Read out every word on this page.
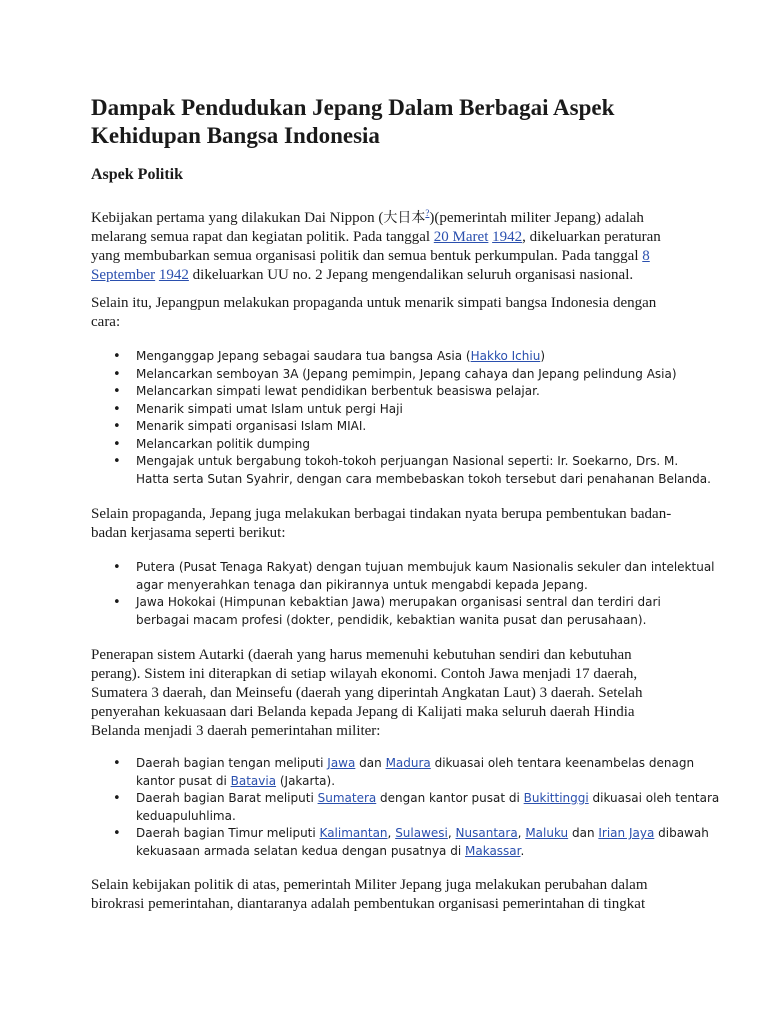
Dampak Pendudukan Jepang Dalam Berbagai Aspek
Kehidupan Bangsa Indonesia
Aspek Politik
Kebijakan pertama yang dilakukan Dai Nippon (大日本?)(pemerintah militer Jepang) adalah
melarang semua rapat dan kegiatan politik. Pada tanggal 20 Maret 1942, dikeluarkan peraturan
yang membubarkan semua organisasi politik dan semua bentuk perkumpulan. Pada tanggal 8
September 1942 dikeluarkan UU no. 2 Jepang mengendalikan seluruh organisasi nasional.
Selain itu, Jepangpun melakukan propaganda untuk menarik simpati bangsa Indonesia dengan
cara:
• Menganggap Jepang sebagai saudara tua bangsa Asia (Hakko Ichiu)
• Melancarkan semboyan 3A (Jepang pemimpin, Jepang cahaya dan Jepang pelindung Asia)
• Melancarkan simpati lewat pendidikan berbentuk beasiswa pelajar.
• Menarik simpati umat Islam untuk pergi Haji
• Menarik simpati organisasi Islam MIAI.
• Melancarkan politik dumping
• Mengajak untuk bergabung tokoh-tokoh perjuangan Nasional seperti: Ir. Soekarno, Drs. M.
Hatta serta Sutan Syahrir, dengan cara membebaskan tokoh tersebut dari penahanan Belanda.
Selain propaganda, Jepang juga melakukan berbagai tindakan nyata berupa pembentukan badan-
badan kerjasama seperti berikut:
• Putera (Pusat Tenaga Rakyat) dengan tujuan membujuk kaum Nasionalis sekuler dan intelektual
agar menyerahkan tenaga dan pikirannya untuk mengabdi kepada Jepang.
• Jawa Hokokai (Himpunan kebaktian Jawa) merupakan organisasi sentral dan terdiri dari
berbagai macam profesi (dokter, pendidik, kebaktian wanita pusat dan perusahaan).
Penerapan sistem Autarki (daerah yang harus memenuhi kebutuhan sendiri dan kebutuhan
perang). Sistem ini diterapkan di setiap wilayah ekonomi. Contoh Jawa menjadi 17 daerah,
Sumatera 3 daerah, dan Meinsefu (daerah yang diperintah Angkatan Laut) 3 daerah. Setelah
penyerahan kekuasaan dari Belanda kepada Jepang di Kalijati maka seluruh daerah Hindia
Belanda menjadi 3 daerah pemerintahan militer:
• Daerah bagian tengan meliputi Jawa dan Madura dikuasai oleh tentara keenambelas denagn
kantor pusat di Batavia (Jakarta).
• Daerah bagian Barat meliputi Sumatera dengan kantor pusat di Bukittinggi dikuasai oleh tentara
keduapuluhlima.
• Daerah bagian Timur meliputi Kalimantan, Sulawesi, Nusantara, Maluku dan Irian Jaya dibawah
kekuasaan armada selatan kedua dengan pusatnya di Makassar.
Selain kebijakan politik di atas, pemerintah Militer Jepang juga melakukan perubahan dalam
birokrasi pemerintahan, diantaranya adalah pembentukan organisasi pemerintahan di tingkat
